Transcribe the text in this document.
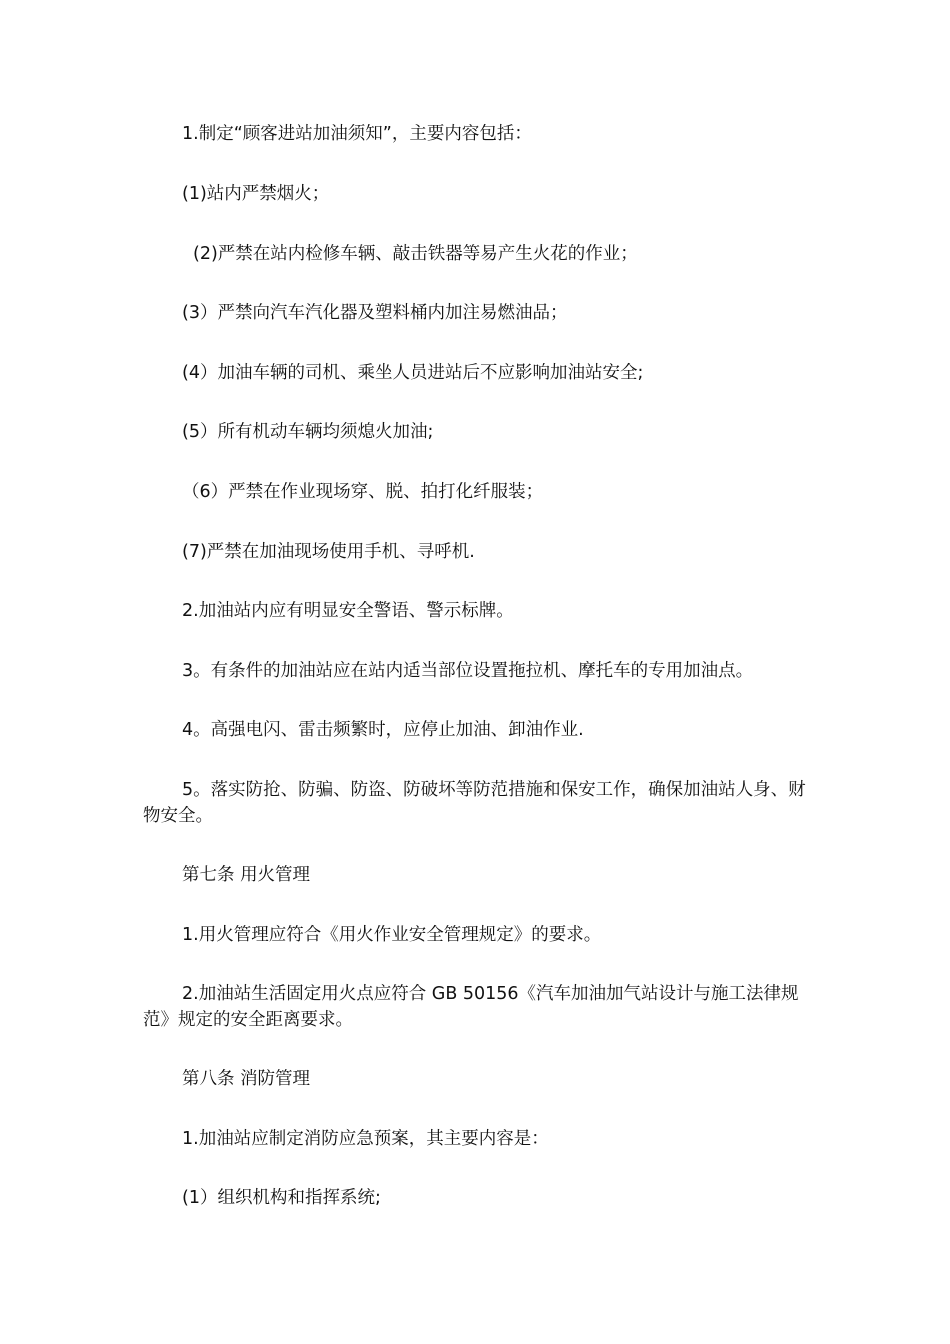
1.制定“顾客进站加油须知”，主要内容包括：

(1)站内严禁烟火；

(2)严禁在站内检修车辆、敲击铁器等易产生火花的作业；

(3）严禁向汽车汽化器及塑料桶内加注易燃油品；

(4）加油车辆的司机、乘坐人员进站后不应影响加油站安全;

(5）所有机动车辆均须熄火加油;

（6）严禁在作业现场穿、脱、拍打化纤服装；

(7)严禁在加油现场使用手机、寻呼机.

2.加油站内应有明显安全警语、警示标牌。

3。有条件的加油站应在站内适当部位设置拖拉机、摩托车的专用加油点。

4。高强电闪、雷击频繁时，应停止加油、卸油作业.

5。落实防抢、防骗、防盗、防破坏等防范措施和保安工作，确保加油站人身、财物安全。

第七条 用火管理

1.用火管理应符合《用火作业安全管理规定》的要求。

2.加油站生活固定用火点应符合 GB 50156《汽车加油加气站设计与施工法律规范》规定的安全距离要求。

第八条 消防管理

1.加油站应制定消防应急预案，其主要内容是：

(1）组织机构和指挥系统;
